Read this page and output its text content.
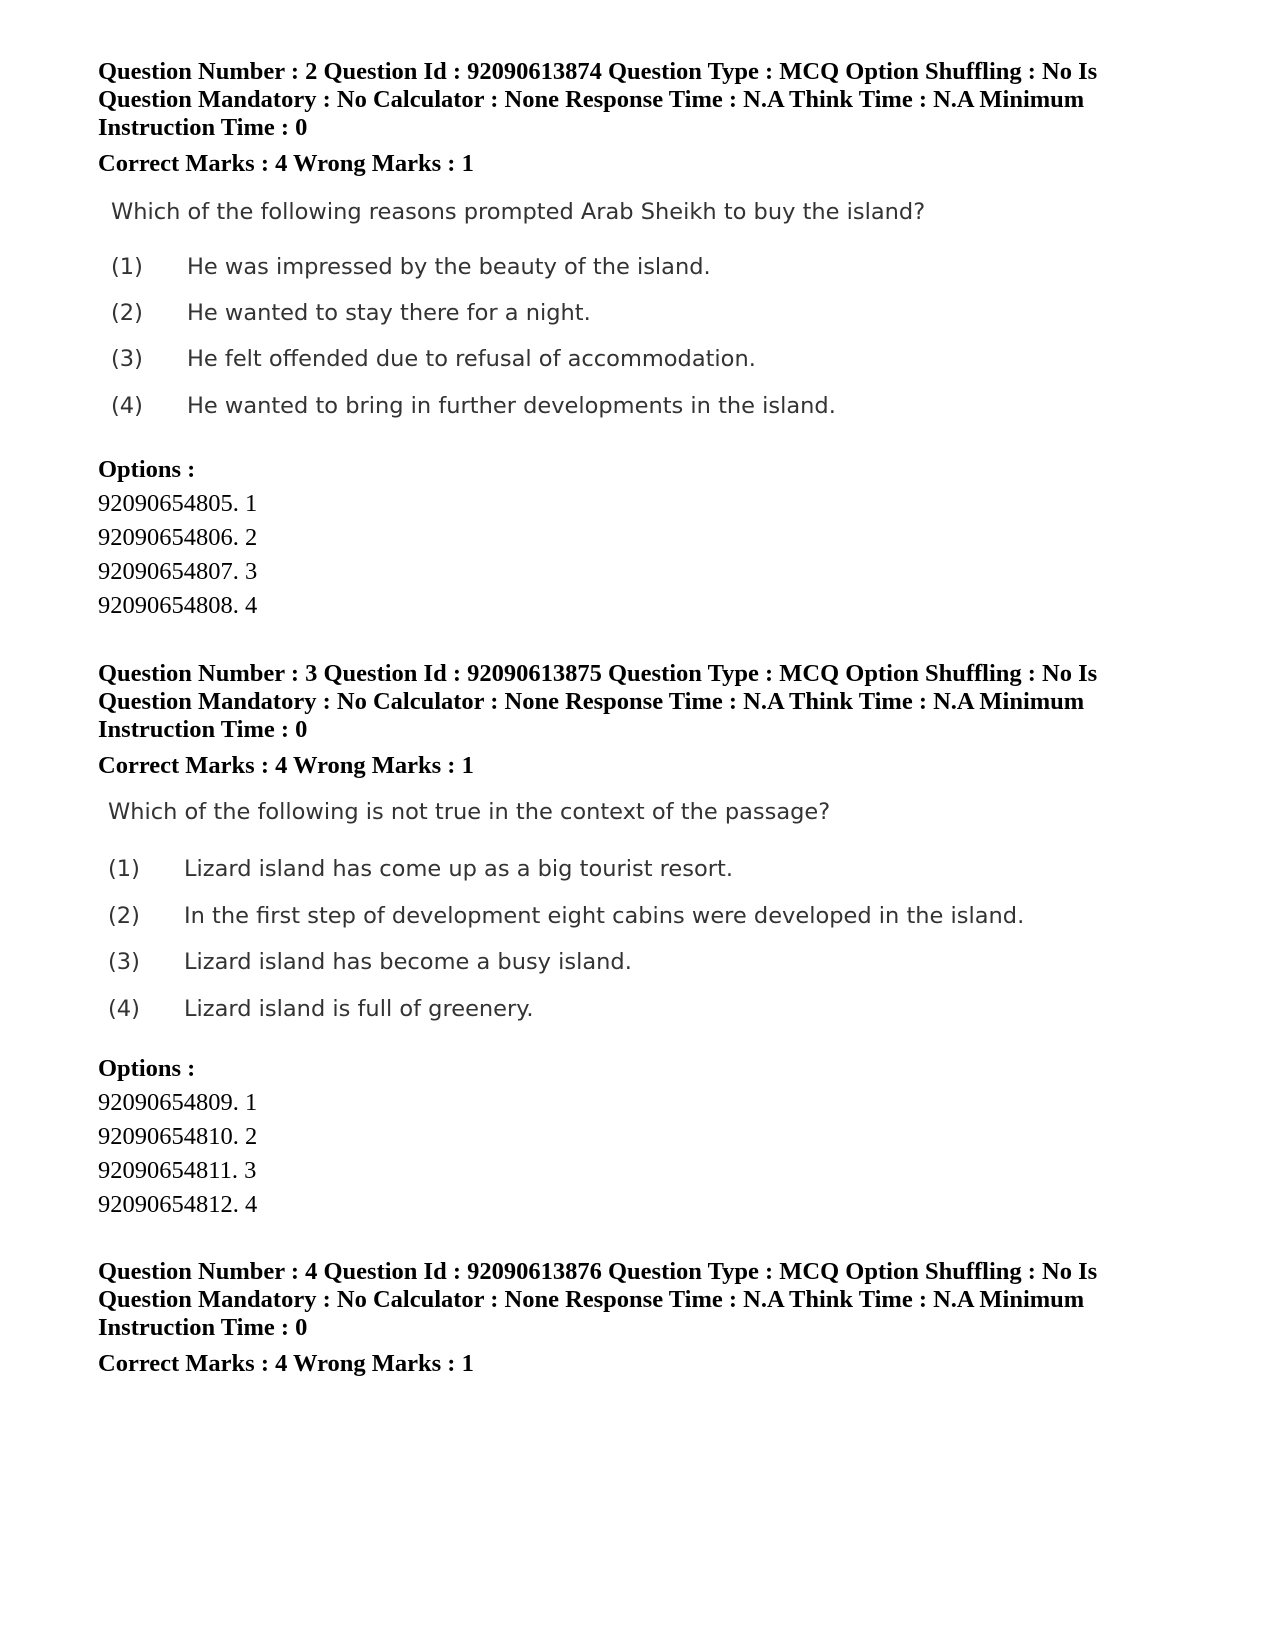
Question Number : 2 Question Id : 92090613874 Question Type : MCQ Option Shuffling : No Is Question Mandatory : No Calculator : None Response Time : N.A Think Time : N.A Minimum Instruction Time : 0
Correct Marks : 4 Wrong Marks : 1

Which of the following reasons prompted Arab Sheikh to buy the island?

(1) He was impressed by the beauty of the island.
(2) He wanted to stay there for a night.
(3) He felt offended due to refusal of accommodation.
(4) He wanted to bring in further developments in the island.
Options :
92090654805. 1
92090654806. 2
92090654807. 3
92090654808. 4
Question Number : 3 Question Id : 92090613875 Question Type : MCQ Option Shuffling : No Is Question Mandatory : No Calculator : None Response Time : N.A Think Time : N.A Minimum Instruction Time : 0
Correct Marks : 4 Wrong Marks : 1

Which of the following is not true in the context of the passage?

(1) Lizard island has come up as a big tourist resort.
(2) In the first step of development eight cabins were developed in the island.
(3) Lizard island has become a busy island.
(4) Lizard island is full of greenery.
Options :
92090654809. 1
92090654810. 2
92090654811. 3
92090654812. 4
Question Number : 4 Question Id : 92090613876 Question Type : MCQ Option Shuffling : No Is Question Mandatory : No Calculator : None Response Time : N.A Think Time : N.A Minimum Instruction Time : 0
Correct Marks : 4 Wrong Marks : 1
